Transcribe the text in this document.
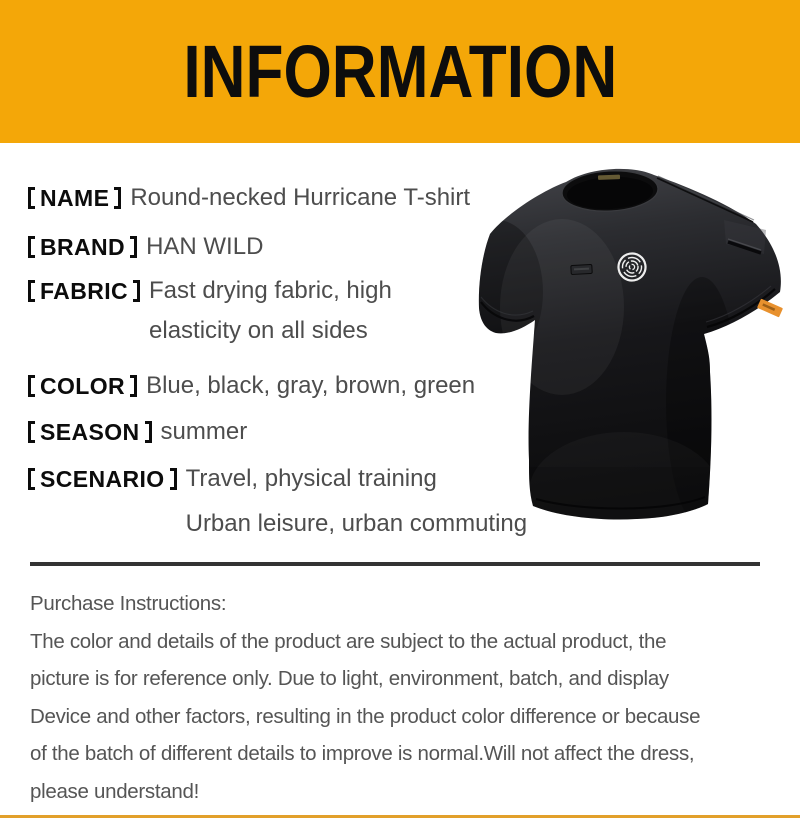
INFORMATION
NAME Round-necked Hurricane T-shirt
BRAND HAN WILD
FABRIC Fast drying fabric, high
elasticity on all sides
COLOR Blue, black, gray, brown, green
SEASON summer
SCENARIO Travel, physical training
Urban leisure, urban commuting
Purchase Instructions:
The color and details of the product are subject to the actual product, the
picture is for reference only. Due to light, environment, batch, and display
Device and other factors, resulting in the product color difference or because
of the batch of different details to improve is normal.Will not affect the dress,
please understand!
